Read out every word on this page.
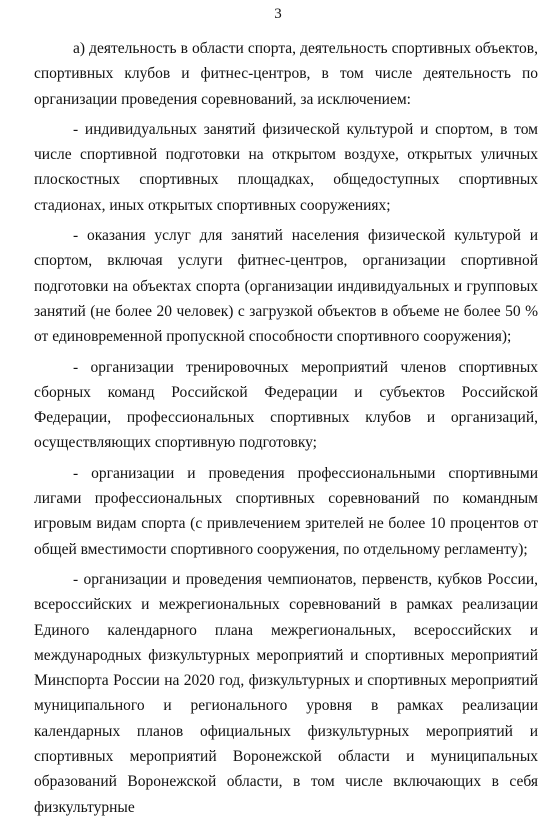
3

а) деятельность в области спорта, деятельность спортивных объектов, спортивных клубов и фитнес-центров, в том числе деятельность по организации проведения соревнований, за исключением:

- индивидуальных занятий физической культурой и спортом, в том числе спортивной подготовки на открытом воздухе, открытых уличных плоскостных спортивных площадках, общедоступных спортивных стадионах, иных открытых спортивных сооружениях;

- оказания услуг для занятий населения физической культурой и спортом, включая услуги фитнес-центров, организации спортивной подготовки на объектах спорта (организации индивидуальных и групповых занятий (не более 20 человек) с загрузкой объектов в объеме не более 50 % от единовременной пропускной способности спортивного сооружения);

- организации тренировочных мероприятий членов спортивных сборных команд Российской Федерации и субъектов Российской Федерации, профессиональных спортивных клубов и организаций, осуществляющих спортивную подготовку;

- организации и проведения профессиональными спортивными лигами профессиональных спортивных соревнований по командным игровым видам спорта (с привлечением зрителей не более 10 процентов от общей вместимости спортивного сооружения, по отдельному регламенту);

- организации и проведения чемпионатов, первенств, кубков России, всероссийских и межрегиональных соревнований в рамках реализации Единого календарного плана межрегиональных, всероссийских и международных физкультурных мероприятий и спортивных мероприятий Минспорта России на 2020 год, физкультурных и спортивных мероприятий муниципального и регионального уровня в рамках реализации календарных планов официальных физкультурных мероприятий и спортивных мероприятий Воронежской области и муниципальных образований Воронежской области, в том числе включающих в себя физкультурные
